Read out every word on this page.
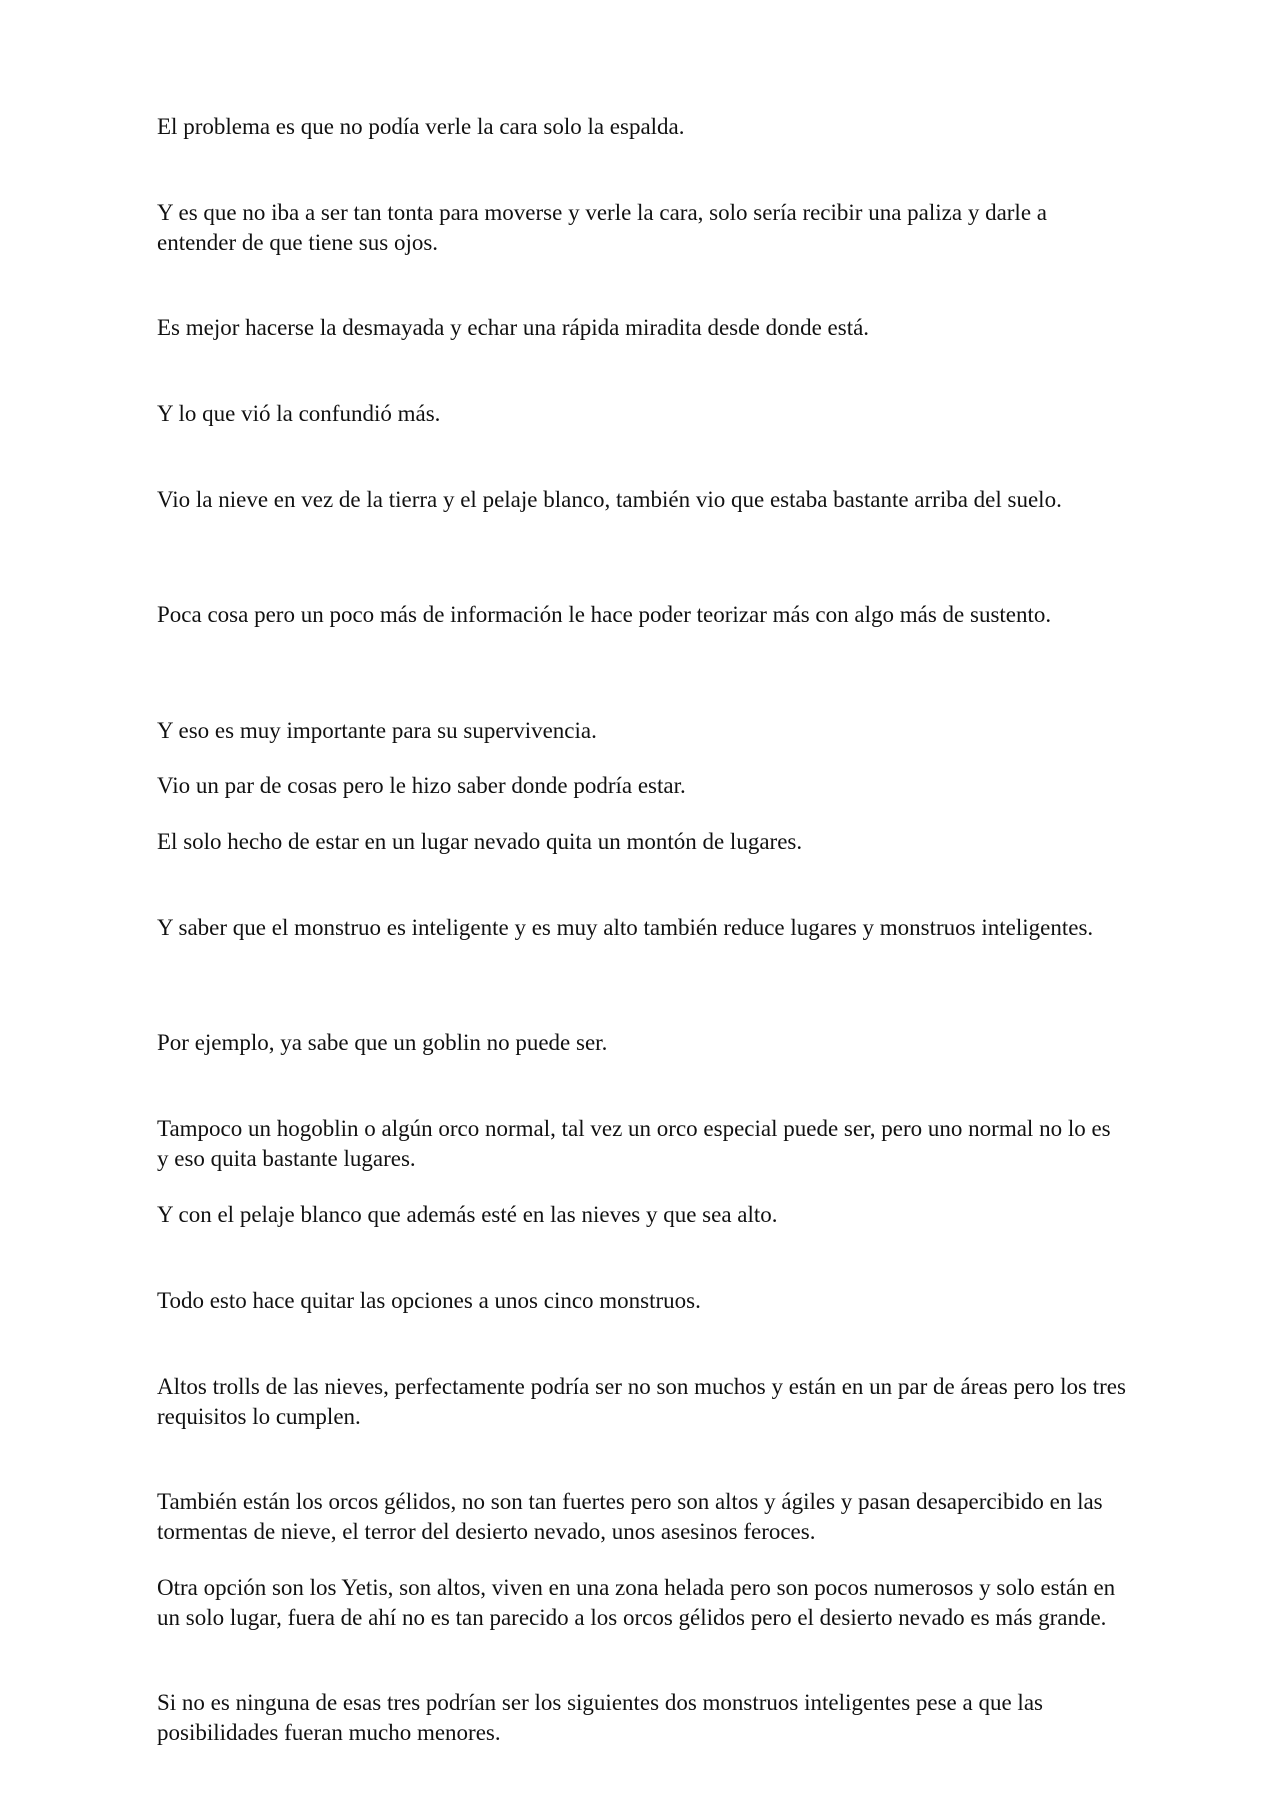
El problema es que no podía verle la cara solo la espalda.

Y es que no iba a ser tan tonta para moverse y verle la cara, solo sería recibir una paliza y darle a entender de que tiene sus ojos.

Es mejor hacerse la desmayada y echar una rápida miradita desde donde está.

Y lo que vió la confundió más.

Vio la nieve en vez de la tierra y el pelaje blanco, también vio que estaba bastante arriba del suelo.

Poca cosa pero un poco más de información le hace poder teorizar más con algo más de sustento.

Y eso es muy importante para su supervivencia.

Vio un par de cosas pero le hizo saber donde podría estar.

El solo hecho de estar en un lugar nevado quita un montón de lugares.

Y saber que el monstruo es inteligente y es muy alto también reduce lugares y monstruos inteligentes.

Por ejemplo, ya sabe que un goblin no puede ser.

Tampoco un hogoblin o algún orco normal, tal vez un orco especial puede ser, pero uno normal no lo es y eso quita bastante lugares.

Y con el pelaje blanco que además esté en las nieves y que sea alto.

Todo esto hace quitar las opciones a unos cinco monstruos.

Altos trolls de las nieves, perfectamente podría ser no son muchos y están en un par de áreas pero los tres requisitos lo cumplen.

También están los orcos gélidos, no son tan fuertes pero son altos y ágiles y pasan desapercibido en las tormentas de nieve, el terror del desierto nevado, unos asesinos feroces.

Otra opción son los Yetis, son altos, viven en una zona helada pero son pocos numerosos y solo están en un solo lugar, fuera de ahí no es tan parecido a los orcos gélidos pero el desierto nevado es más grande.

Si no es ninguna de esas tres podrían ser los siguientes dos monstruos inteligentes pese a que las posibilidades fueran mucho menores.
